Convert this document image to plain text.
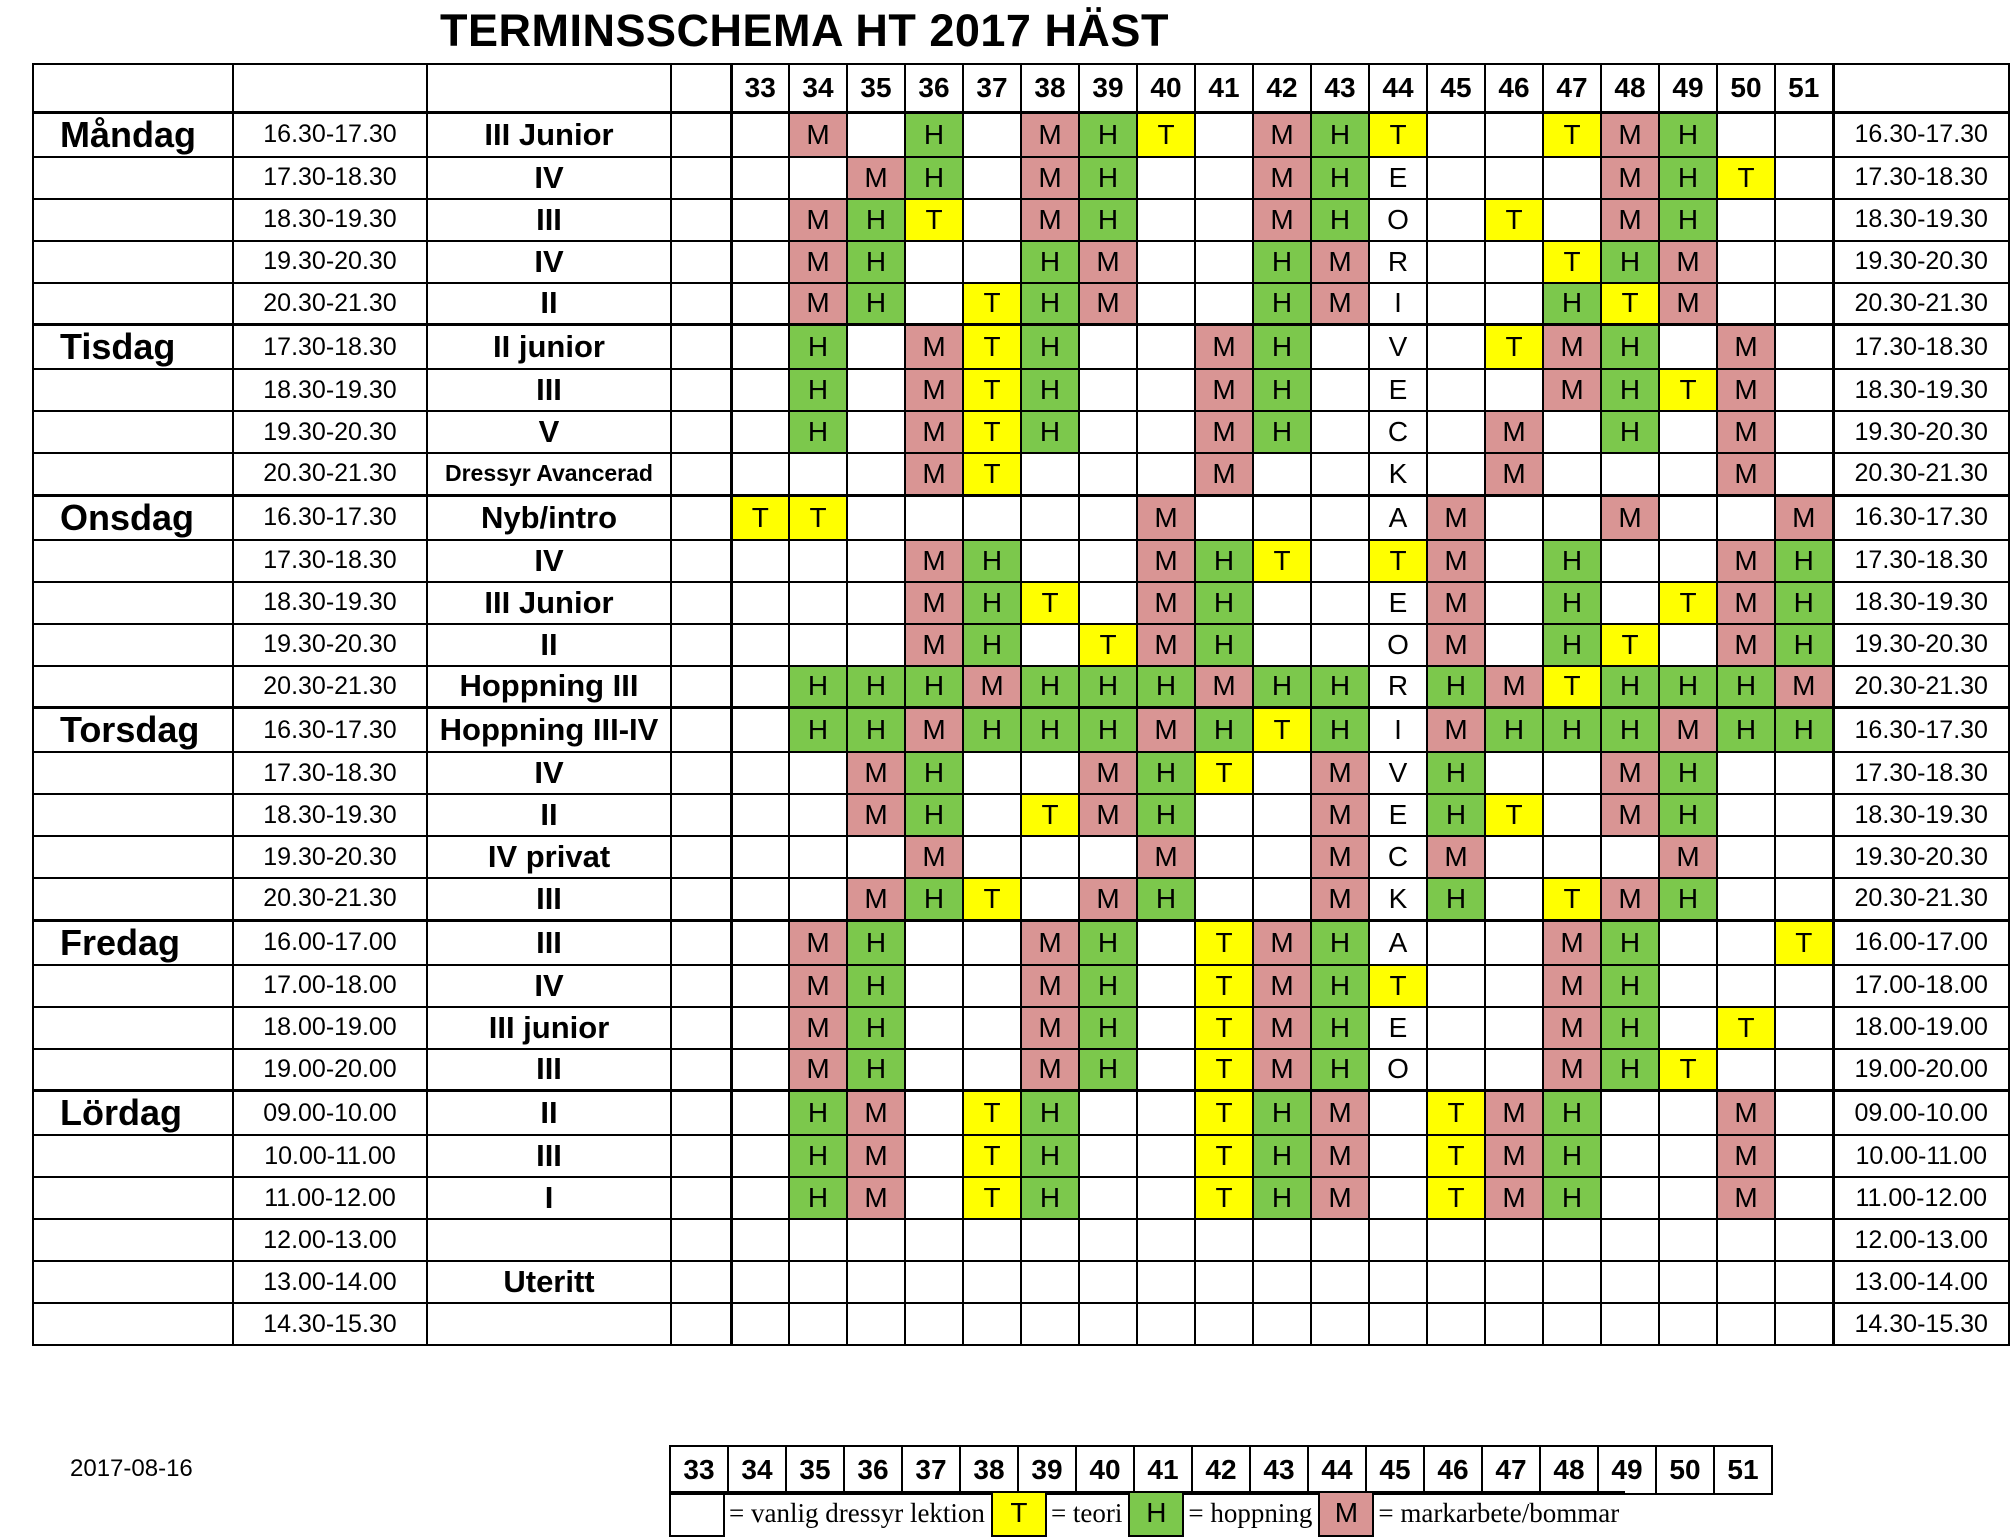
TERMINSSCHEMA HT 2017 HÄST
				33	34	35	36	37	38	39	40	41	42	43	44	45	46	47	48	49	50	51	
Måndag	16.30-17.30	III Junior			M		H		M	H	T		M	H	T			T	M	H			16.30-17.30
	17.30-18.30	IV				M	H		M	H			M	H	E				M	H	T		17.30-18.30
	18.30-19.30	III			M	H	T		M	H			M	H	O		T		M	H			18.30-19.30
	19.30-20.30	IV			M	H			H	M			H	M	R			T	H	M			19.30-20.30
	20.30-21.30	II			M	H		T	H	M			H	M	I			H	T	M			20.30-21.30
Tisdag	17.30-18.30	II junior			H		M	T	H			M	H		V		T	M	H		M		17.30-18.30
	18.30-19.30	III			H		M	T	H			M	H		E			M	H	T	M		18.30-19.30
	19.30-20.30	V			H		M	T	H			M	H		C		M		H		M		19.30-20.30
	20.30-21.30	Dressyr Avancerad					M	T				M			K		M				M		20.30-21.30
Onsdag	16.30-17.30	Nyb/intro		T	T						M				A	M			M			M	16.30-17.30
	17.30-18.30	IV					M	H			M	H	T		T	M		H			M	H	17.30-18.30
	18.30-19.30	III Junior					M	H	T		M	H			E	M		H		T	M	H	18.30-19.30
	19.30-20.30	II					M	H		T	M	H			O	M		H	T		M	H	19.30-20.30
	20.30-21.30	Hoppning III			H	H	H	M	H	H	H	M	H	H	R	H	M	T	H	H	H	M	20.30-21.30
Torsdag	16.30-17.30	Hoppning III-IV			H	H	M	H	H	H	M	H	T	H	I	M	H	H	H	M	H	H	16.30-17.30
	17.30-18.30	IV				M	H			M	H	T		M	V	H			M	H			17.30-18.30
	18.30-19.30	II				M	H		T	M	H			M	E	H	T		M	H			18.30-19.30
	19.30-20.30	IV privat					M				M			M	C	M				M			19.30-20.30
	20.30-21.30	III				M	H	T		M	H			M	K	H		T	M	H			20.30-21.30
Fredag	16.00-17.00	III			M	H			M	H		T	M	H	A			M	H			T	16.00-17.00
	17.00-18.00	IV			M	H			M	H		T	M	H	T			M	H				17.00-18.00
	18.00-19.00	III junior			M	H			M	H		T	M	H	E			M	H		T		18.00-19.00
	19.00-20.00	III			M	H			M	H		T	M	H	O			M	H	T			19.00-20.00
Lördag	09.00-10.00	II			H	M		T	H			T	H	M		T	M	H			M		09.00-10.00
	10.00-11.00	III			H	M		T	H			T	H	M		T	M	H			M		10.00-11.00
	11.00-12.00	I			H	M		T	H			T	H	M		T	M	H			M		11.00-12.00
	12.00-13.00																						12.00-13.00
	13.00-14.00	Uteritt																					13.00-14.00
	14.30-15.30																						14.30-15.30
2017-08-16	33	34	35	36	37	38	39	40	41	42	43	44	45	46	47	48	49	50	51
= vanlig dressyr lektion T = teori H = hoppning M = markarbete/bommar
